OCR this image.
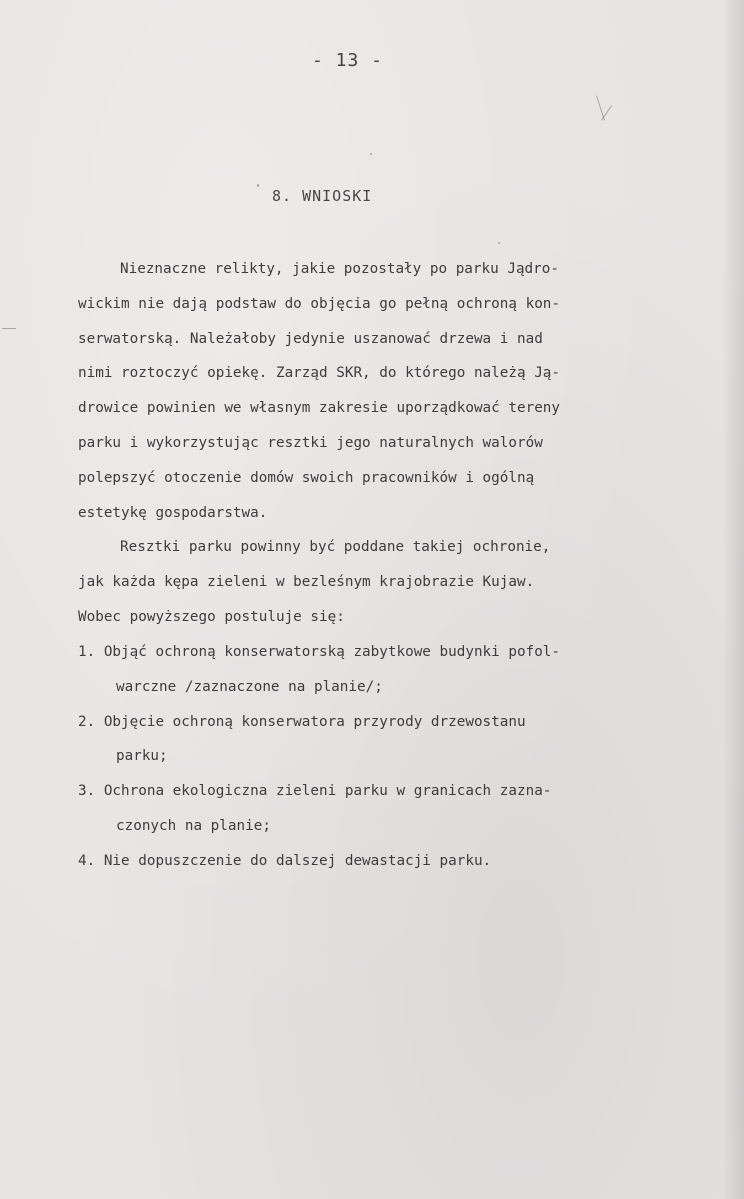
- 13 -
8. WNIOSKI
Nieznaczne relikty, jakie pozostały po parku Jądro-
wickim nie dają podstaw do objęcia go pełną ochroną kon-
serwatorską. Należałoby jedynie uszanować drzewa i nad
nimi roztoczyć opiekę. Zarząd SKR, do którego należą Ją-
drowice powinien we własnym zakresie uporządkować tereny
parku i wykorzystując resztki jego naturalnych walorów
polepszyć otoczenie domów swoich pracowników i ogólną
estetykę gospodarstwa.
Resztki parku powinny być poddane takiej ochronie,
jak każda kępa zieleni w bezleśnym krajobrazie Kujaw.
Wobec powyższego postuluje się:
1. Objąć ochroną konserwatorską zabytkowe budynki pofol-
warczne /zaznaczone na planie/;
2. Objęcie ochroną konserwatora przyrody drzewostanu
parku;
3. Ochrona ekologiczna zieleni parku w granicach zazna-
czonych na planie;
4. Nie dopuszczenie do dalszej dewastacji parku.
